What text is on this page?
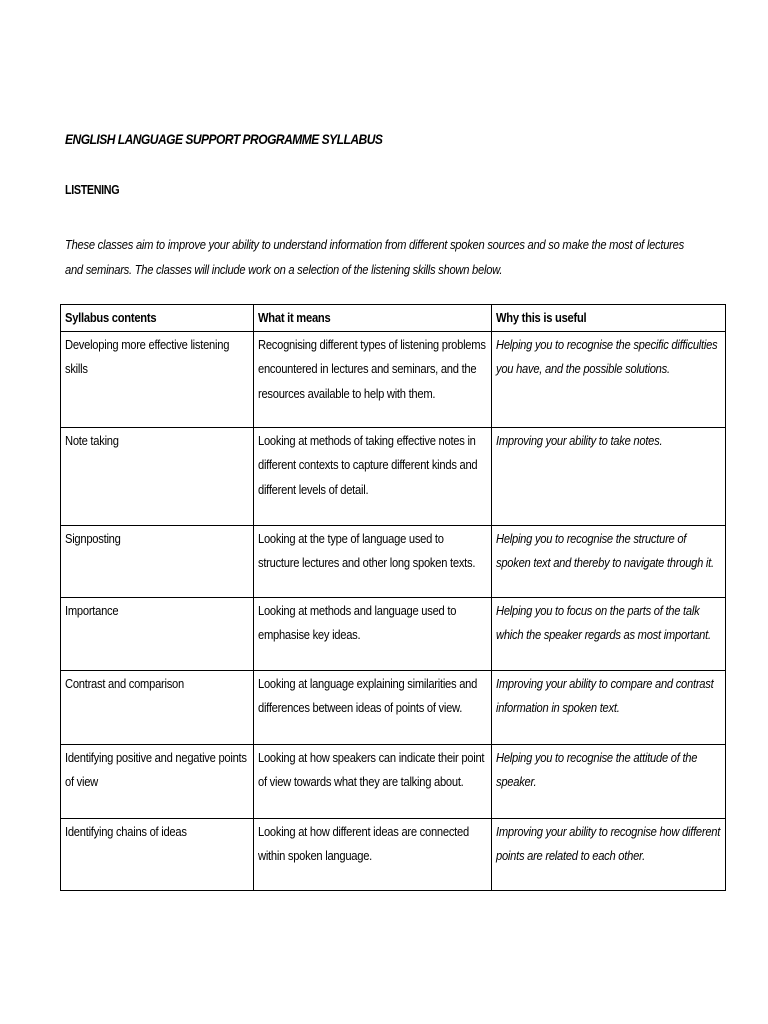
ENGLISH LANGUAGE SUPPORT PROGRAMME SYLLABUS
LISTENING
These classes aim to improve your ability to understand information from different spoken sources and so make the most of lectures and seminars. The classes will include work on a selection of the listening skills shown below.
Syllabus contents	What it means	Why this is useful

Developing more effective listening skills	Recognising different types of listening problems encountered in lectures and seminars, and the resources available to help with them.	Helping you to recognise the specific difficulties you have, and the possible solutions.

Note taking	Looking at methods of taking effective notes in different contexts to capture different kinds and different levels of detail.	Improving your ability to take notes.

Signposting	Looking at the type of language used to structure lectures and other long spoken texts.	Helping you to recognise the structure of spoken text and thereby to navigate through it.

Importance	Looking at methods and language used to emphasise key ideas.	Helping you to focus on the parts of the talk which the speaker regards as most important.

Contrast and comparison	Looking at language explaining similarities and differences between ideas of points of view.	Improving your ability to compare and contrast information in spoken text.

Identifying positive and negative points of view	Looking at how speakers can indicate their point of view towards what they are talking about.	Helping you to recognise the attitude of the speaker.

Identifying chains of ideas	Looking at how different ideas are connected within spoken language.	Improving your ability to recognise how different points are related to each other.
